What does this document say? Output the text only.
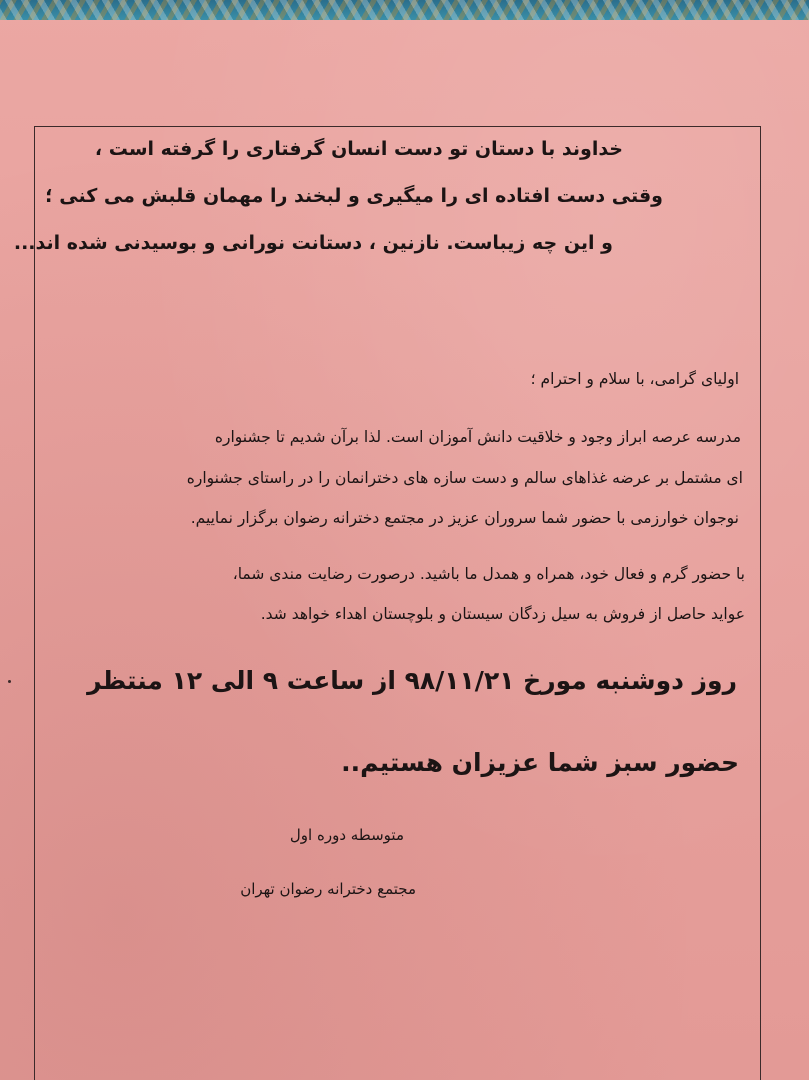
خداوند با دستان تو دست انسان گرفتاری را گرفته است ،
وقتی دست افتاده ای را میگیری و لبخند را مهمان قلبش می کنی ؛
و این چه زیباست. نازنین ، دستانت نورانی و بوسیدنی شده اند...
اولیای گرامی، با سلام و احترام ؛
مدرسه عرصه ابراز وجود و خلاقیت دانش آموزان است. لذا برآن شدیم تا جشنواره
ای مشتمل بر عرضه غذاهای سالم و دست سازه های دخترانمان را در راستای جشنواره
نوجوان خوارزمی با حضور شما سروران عزیز در مجتمع دخترانه رضوان برگزار نماییم.
با حضور گرم و فعال خود، همراه و همدل ما باشید. درصورت رضایت مندی شما،
عواید حاصل از فروش به سیل زدگان سیستان و بلوچستان اهداء خواهد شد.
روز دوشنبه مورخ ۹۸/۱۱/۲۱ از ساعت ۹ الی ۱۲ منتظر
حضور سبز شما عزیزان هستیم..
متوسطه دوره اول
مجتمع دخترانه رضوان تهران
